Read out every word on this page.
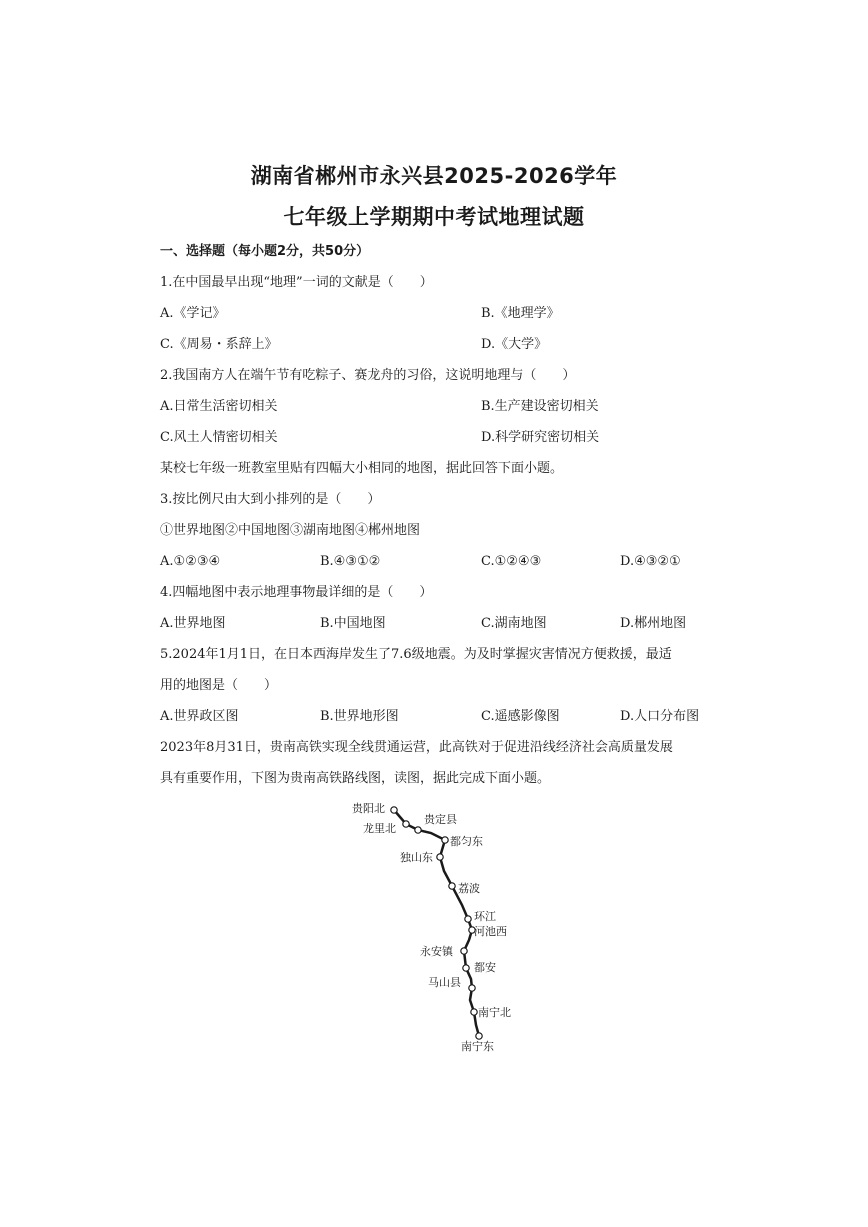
湖南省郴州市永兴县2025-2026学年
七年级上学期期中考试地理试题
一、选择题（每小题2分，共50分）
1.在中国最早出现“地理”一词的文献是（　　）
A.《学记》	B.《地理学》
C.《周易・系辞上》	D.《大学》
2.我国南方人在端午节有吃粽子、赛龙舟的习俗，这说明地理与（　　）
A.日常生活密切相关	B.生产建设密切相关
C.风土人情密切相关	D.科学研究密切相关
某校七年级一班教室里贴有四幅大小相同的地图，据此回答下面小题。
3.按比例尺由大到小排列的是（　　）
①世界地图②中国地图③湖南地图④郴州地图
A.①②③④	B.④③①②	C.①②④③	D.④③②①
4.四幅地图中表示地理事物最详细的是（　　）
A.世界地图	B.中国地图	C.湖南地图	D.郴州地图
5.2024年1月1日，在日本西海岸发生了7.6级地震。为及时掌握灾害情况方便救援，最适
用的地图是（　　）
A.世界政区图	B.世界地形图	C.遥感影像图	D.人口分布图
2023年8月31日，贵南高铁实现全线贯通运营，此高铁对于促进沿线经济社会高质量发展
具有重要作用，下图为贵南高铁路线图，读图，据此完成下面小题。
贵阳北
龙里北
贵定县
都匀东
独山东
荔波
环江
河池西
永安镇
都安
马山县
南宁北
南宁东
